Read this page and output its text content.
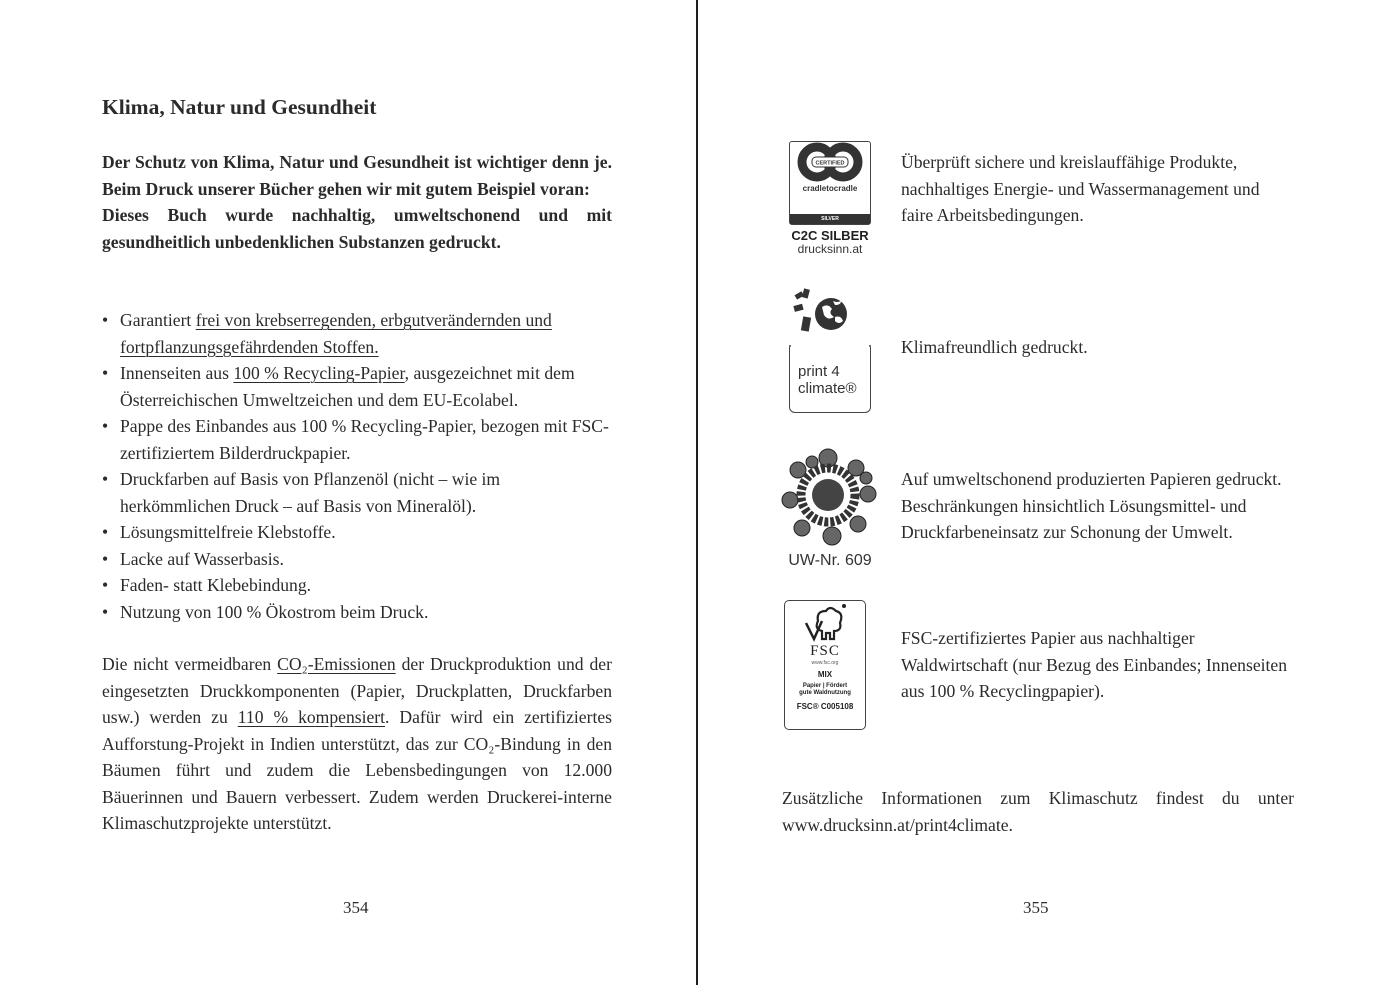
Klima, Natur und Gesundheit

Der Schutz von Klima, Natur und Gesundheit ist wichtiger denn je. Beim Druck unserer Bücher gehen wir mit gutem Beispiel voran:

Dieses Buch wurde nachhaltig, umweltschonend und mit gesundheitlich unbedenklichen Substanzen gedruckt.

• Garantiert frei von krebserregenden, erbgutverändernden und fortpflanzungsgefährdenden Stoffen.
• Innenseiten aus 100 % Recycling-Papier, ausgezeichnet mit dem Österreichischen Umweltzeichen und dem EU-Ecolabel.
• Pappe des Einbandes aus 100 % Recycling-Papier, bezogen mit FSC-zertifiziertem Bilderdruckpapier.
• Druckfarben auf Basis von Pflanzenöl (nicht – wie im herkömmlichen Druck – auf Basis von Mineralöl).
• Lösungsmittelfreie Klebstoffe.
• Lacke auf Wasserbasis.
• Faden- statt Klebebindung.
• Nutzung von 100 % Ökostrom beim Druck.

Die nicht vermeidbaren CO₂-Emissionen der Druckproduktion und der eingesetzten Druckkomponenten (Papier, Druckplatten, Druckfarben usw.) werden zu 110 % kompensiert. Dafür wird ein zertifiziertes Aufforstung-Projekt in Indien unterstützt, das zur CO₂-Bindung in den Bäumen führt und zudem die Lebensbedingungen von 12.000 Bäuerinnen und Bauern verbessert. Zudem werden Druckerei-interne Klimaschutzprojekte unterstützt.

354
CERTIFIED
cradletocradle
SILVER
C2C SILBER
drucksinn.at
Überprüft sichere und kreislauffähige Produkte, nachhaltiges Energie- und Wassermanagement und faire Arbeitsbedingungen.
print 4
climate®
Klimafreundlich gedruckt.
UW-Nr. 609
Auf umweltschonend produzierten Papieren gedruckt. Beschränkungen hinsichtlich Lösungsmittel- und Druckfarbeneinsatz zur Schonung der Umwelt.
FSC
www.fsc.org
MIX
Papier | Fördert
gute Waldnutzung
FSC® C005108
FSC-zertifiziertes Papier aus nachhaltiger Waldwirtschaft (nur Bezug des Einbandes; Innenseiten aus 100 % Recyclingpapier).

Zusätzliche Informationen zum Klimaschutz findest du unter www.drucksinn.at/print4climate.

355
